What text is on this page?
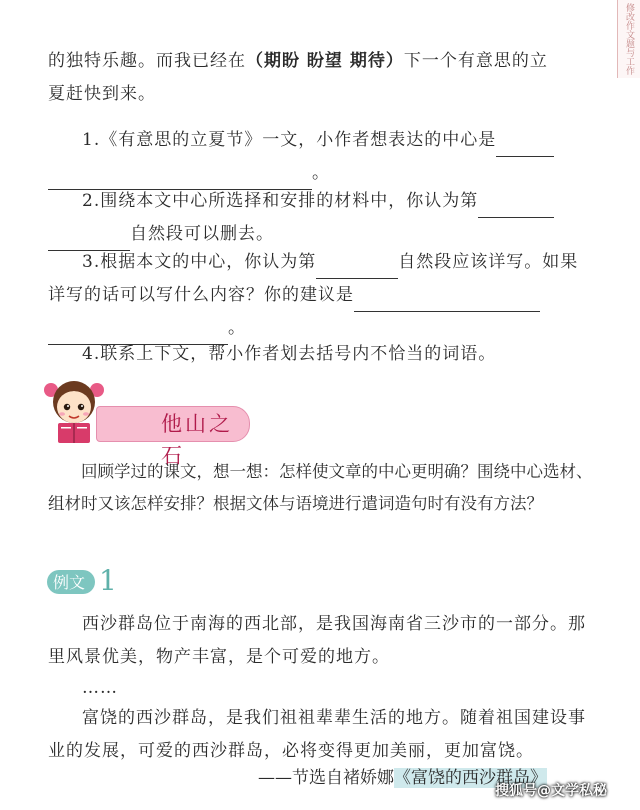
修改作文题与工作
的独特乐趣。而我已经在（期盼 盼望 期待）下一个有意思的立
夏赶快到来。
1.《有意思的立夏节》一文，小作者想表达的中心是
。
2.围绕本文中心所选择和安排的材料中，你认为第
自然段可以删去。
3.根据本文的中心，你认为第	自然段应该详写。如果详写的话可以写什么内容？你的建议是
。
4.联系上下文，帮小作者划去括号内不恰当的词语。
他山之石
回顾学过的课文，想一想：怎样使文章的中心更明确？围绕中心选材、组材时又该怎样安排？根据文体与语境进行遣词造句时有没有方法？
例文 1
西沙群岛位于南海的西北部，是我国海南省三沙市的一部分。那里风景优美，物产丰富，是个可爱的地方。
……
富饶的西沙群岛，是我们祖祖辈辈生活的地方。随着祖国建设事业的发展，可爱的西沙群岛，必将变得更加美丽，更加富饶。
——节选自褚娇娜《富饶的西沙群岛》
搜狐号@文学私秘
